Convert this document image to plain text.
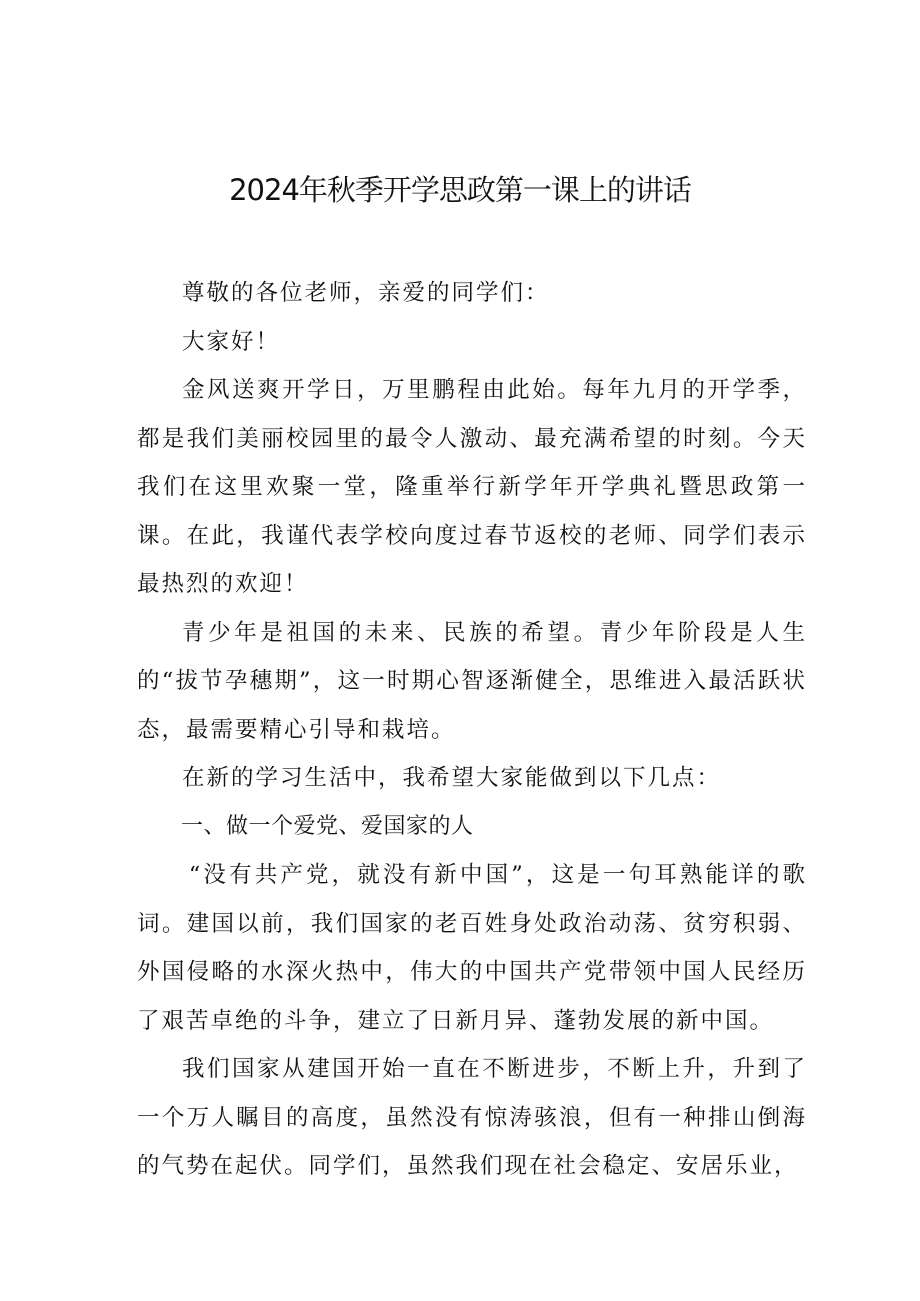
2024年秋季开学思政第一课上的讲话

尊敬的各位老师，亲爱的同学们：

大家好！

金风送爽开学日，万里鹏程由此始。每年九月的开学季，都是我们美丽校园里的最令人激动、最充满希望的时刻。今天我们在这里欢聚一堂，隆重举行新学年开学典礼暨思政第一课。在此，我谨代表学校向度过春节返校的老师、同学们表示最热烈的欢迎！

青少年是祖国的未来、民族的希望。青少年阶段是人生的“拔节孕穗期”，这一时期心智逐渐健全，思维进入最活跃状态，最需要精心引导和栽培。

在新的学习生活中，我希望大家能做到以下几点：

一、做一个爱党、爱国家的人

“没有共产党，就没有新中国”，这是一句耳熟能详的歌词。建国以前，我们国家的老百姓身处政治动荡、贫穷积弱、外国侵略的水深火热中，伟大的中国共产党带领中国人民经历了艰苦卓绝的斗争，建立了日新月异、蓬勃发展的新中国。

我们国家从建国开始一直在不断进步，不断上升，升到了一个万人瞩目的高度，虽然没有惊涛骇浪，但有一种排山倒海的气势在起伏。同学们，虽然我们现在社会稳定、安居乐业，
